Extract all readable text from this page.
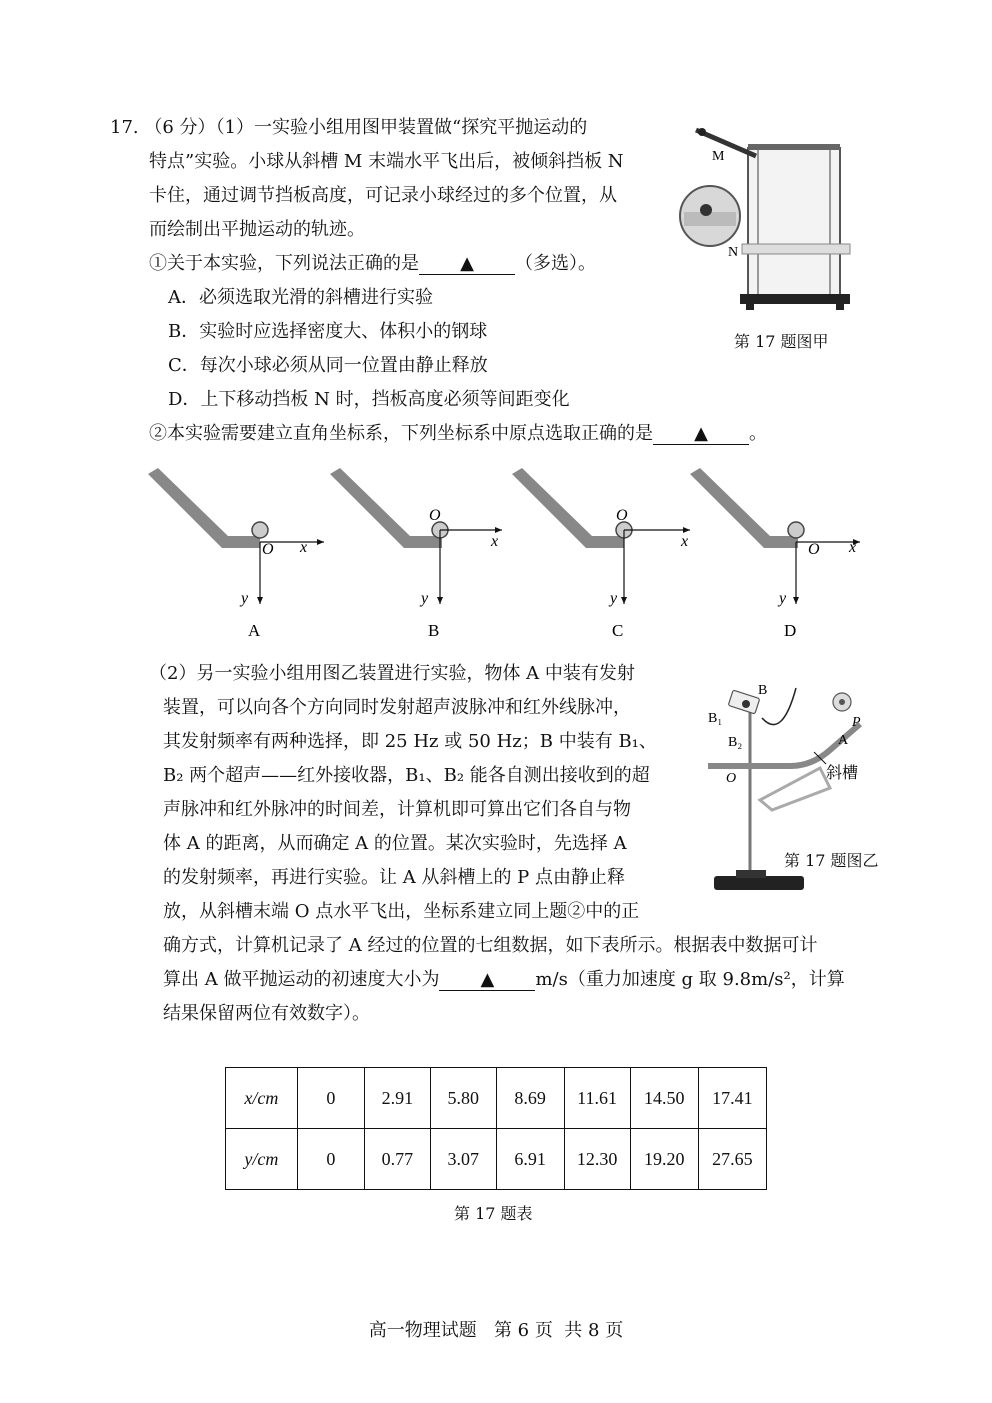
17. （6 分）（1）一实验小组用图甲装置做“探究平抛运动的
特点”实验。小球从斜槽 M 末端水平飞出后，被倾斜挡板 N
卡住，通过调节挡板高度，可记录小球经过的多个位置，从
而绘制出平抛运动的轨迹。
①关于本实验，下列说法正确的是 ▲ （多选）。
A．必须选取光滑的斜槽进行实验
B．实验时应选择密度大、体积小的钢球
C．每次小球必须从同一位置由静止释放
D．上下移动挡板 N 时，挡板高度必须等间距变化
②本实验需要建立直角坐标系，下列坐标系中原点选取正确的是 ▲ 。
M
N
第 17 题图甲
O x
y
A
O
x
y
B
O
x
y
C
O x
y
D
（2）另一实验小组用图乙装置进行实验，物体 A 中装有发射
装置，可以向各个方向同时发射超声波脉冲和红外线脉冲，
其发射频率有两种选择，即 25 Hz 或 50 Hz；B 中装有 B₁、
B₂ 两个超声——红外接收器，B₁、B₂ 能各自测出接收到的超
声脉冲和红外脉冲的时间差，计算机即可算出它们各自与物
体 A 的距离，从而确定 A 的位置。某次实验时，先选择 A
的发射频率，再进行实验。让 A 从斜槽上的 P 点由静止释
放，从斜槽末端 O 点水平飞出，坐标系建立同上题②中的正
确方式，计算机记录了 A 经过的位置的七组数据，如下表所示。根据表中数据可计
算出 A 做平抛运动的初速度大小为 ▲ m/s（重力加速度 g 取 9.8m/s²，计算
结果保留两位有效数字）。
B
B₁
B₂
P
A
O	斜槽
第 17 题图乙
x/cm	0	2.91	5.80	8.69	11.61	14.50	17.41
y/cm	0	0.77	3.07	6.91	12.30	19.20	27.65
第 17 题表
高一物理试题   第 6 页  共 8 页
